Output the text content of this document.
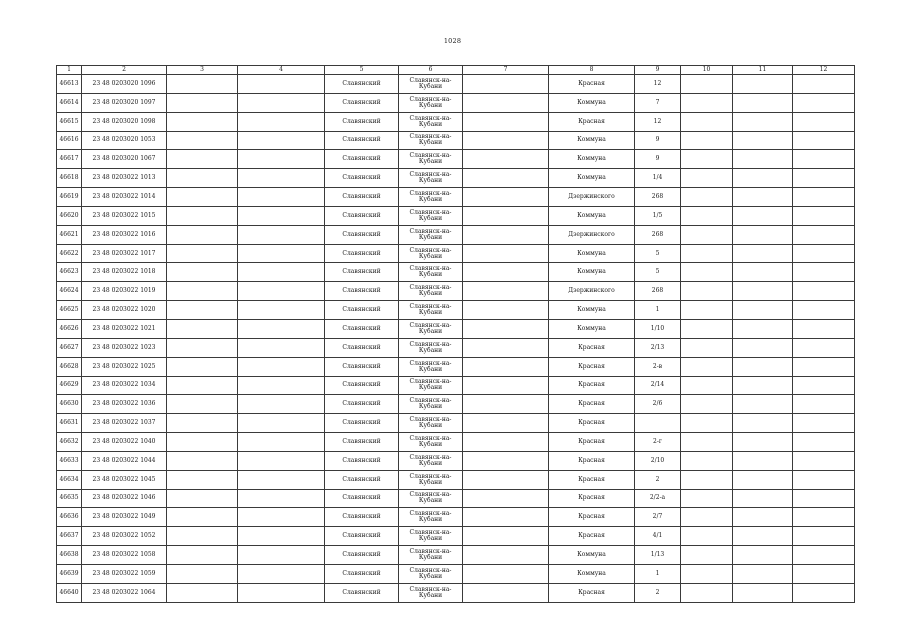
1028
1	2	3	4	5	6	7	8	9	10	11	12
46613	23 48 0203020 1096			Славянский	Славянск-на-
Кубани		Красная	12			
46614	23 48 0203020 1097			Славянский	Славянск-на-
Кубани		Коммуна	7			
46615	23 48 0203020 1098			Славянский	Славянск-на-
Кубани		Красная	12			
46616	23 48 0203020 1053			Славянский	Славянск-на-
Кубани		Коммуна	9			
46617	23 48 0203020 1067			Славянский	Славянск-на-
Кубани		Коммуна	9			
46618	23 48 0203022 1013			Славянский	Славянск-на-
Кубани		Коммуна	1/4			
46619	23 48 0203022 1014			Славянский	Славянск-на-
Кубани		Дзержинского	268			
46620	23 48 0203022 1015			Славянский	Славянск-на-
Кубани		Коммуна	1/5			
46621	23 48 0203022 1016			Славянский	Славянск-на-
Кубани		Дзержинского	268			
46622	23 48 0203022 1017			Славянский	Славянск-на-
Кубани		Коммуна	5			
46623	23 48 0203022 1018			Славянский	Славянск-на-
Кубани		Коммуна	5			
46624	23 48 0203022 1019			Славянский	Славянск-на-
Кубани		Дзержинского	268			
46625	23 48 0203022 1020			Славянский	Славянск-на-
Кубани		Коммуна	1			
46626	23 48 0203022 1021			Славянский	Славянск-на-
Кубани		Коммуна	1/10			
46627	23 48 0203022 1023			Славянский	Славянск-на-
Кубани		Красная	2/13			
46628	23 48 0203022 1025			Славянский	Славянск-на-
Кубани		Красная	2-в			
46629	23 48 0203022 1034			Славянский	Славянск-на-
Кубани		Красная	2/14			
46630	23 48 0203022 1036			Славянский	Славянск-на-
Кубани		Красная	2/6			
46631	23 48 0203022 1037			Славянский	Славянск-на-
Кубани		Красная				
46632	23 48 0203022 1040			Славянский	Славянск-на-
Кубани		Красная	2-г			
46633	23 48 0203022 1044			Славянский	Славянск-на-
Кубани		Красная	2/10			
46634	23 48 0203022 1045			Славянский	Славянск-на-
Кубани		Красная	2			
46635	23 48 0203022 1046			Славянский	Славянск-на-
Кубани		Красная	2/2-а			
46636	23 48 0203022 1049			Славянский	Славянск-на-
Кубани		Красная	2/7			
46637	23 48 0203022 1052			Славянский	Славянск-на-
Кубани		Красная	4/1			
46638	23 48 0203022 1058			Славянский	Славянск-на-
Кубани		Коммуна	1/13			
46639	23 48 0203022 1059			Славянский	Славянск-на-
Кубани		Коммуна	1			
46640	23 48 0203022 1064			Славянский	Славянск-на-
Кубани		Красная	2			
